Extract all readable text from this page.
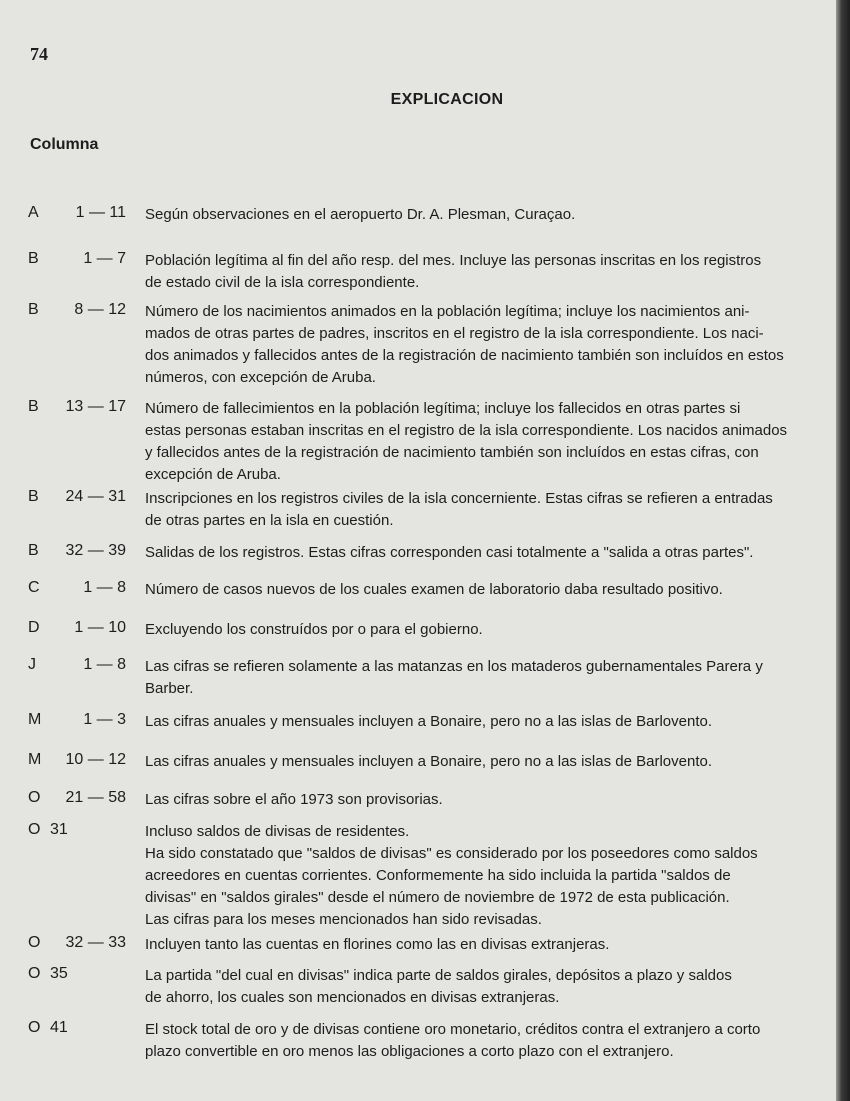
74
EXPLICACION
Columna
A	1 — 11 Según observaciones en el aeropuerto Dr. A. Plesman, Curaçao.
B	1 — 7 Población legítima al fin del año resp. del mes. Incluye las personas inscritas en los registros
de estado civil de la isla correspondiente.
B	8 — 12 Número de los nacimientos animados en la población legítima; incluye los nacimientos ani-
mados de otras partes de padres, inscritos en el registro de la isla correspondiente. Los naci-
dos animados y fallecidos antes de la registración de nacimiento también son incluídos en estos
números, con excepción de Aruba.
B	13 — 17 Número de fallecimientos en la población legítima; incluye los fallecidos en otras partes si
estas personas estaban inscritas en el registro de la isla correspondiente. Los nacidos animados
y fallecidos antes de la registración de nacimiento también son incluídos en estas cifras, con
excepción de Aruba.
B	24 — 31 Inscripciones en los registros civiles de la isla concerniente. Estas cifras se refieren a entradas
de otras partes en la isla en cuestión.
B	32 — 39 Salidas de los registros. Estas cifras corresponden casi totalmente a "salida a otras partes".
C	1 — 8 Número de casos nuevos de los cuales examen de laboratorio daba resultado positivo.
D	1 — 10 Excluyendo los construídos por o para el gobierno.
J	1 — 8 Las cifras se refieren solamente a las matanzas en los mataderos gubernamentales Parera y
Barber.
M	1 — 3 Las cifras anuales y mensuales incluyen a Bonaire, pero no a las islas de Barlovento.
M	10 — 12 Las cifras anuales y mensuales incluyen a Bonaire, pero no a las islas de Barlovento.
O	21 — 58 Las cifras sobre el año 1973 son provisorias.
O 31	Incluso saldos de divisas de residentes.
Ha sido constatado que "saldos de divisas" es considerado por los poseedores como saldos
acreedores en cuentas corrientes. Conformemente ha sido incluida la partida "saldos de
divisas" en "saldos girales" desde el número de noviembre de 1972 de esta publicación.
Las cifras para los meses mencionados han sido revisadas.
O	32 — 33 Incluyen tanto las cuentas en florines como las en divisas extranjeras.
O 35	La partida "del cual en divisas" indica parte de saldos girales, depósitos a plazo y saldos
de ahorro, los cuales son mencionados en divisas extranjeras.
O 41	El stock total de oro y de divisas contiene oro monetario, créditos contra el extranjero a corto
plazo convertible en oro menos las obligaciones a corto plazo con el extranjero.
